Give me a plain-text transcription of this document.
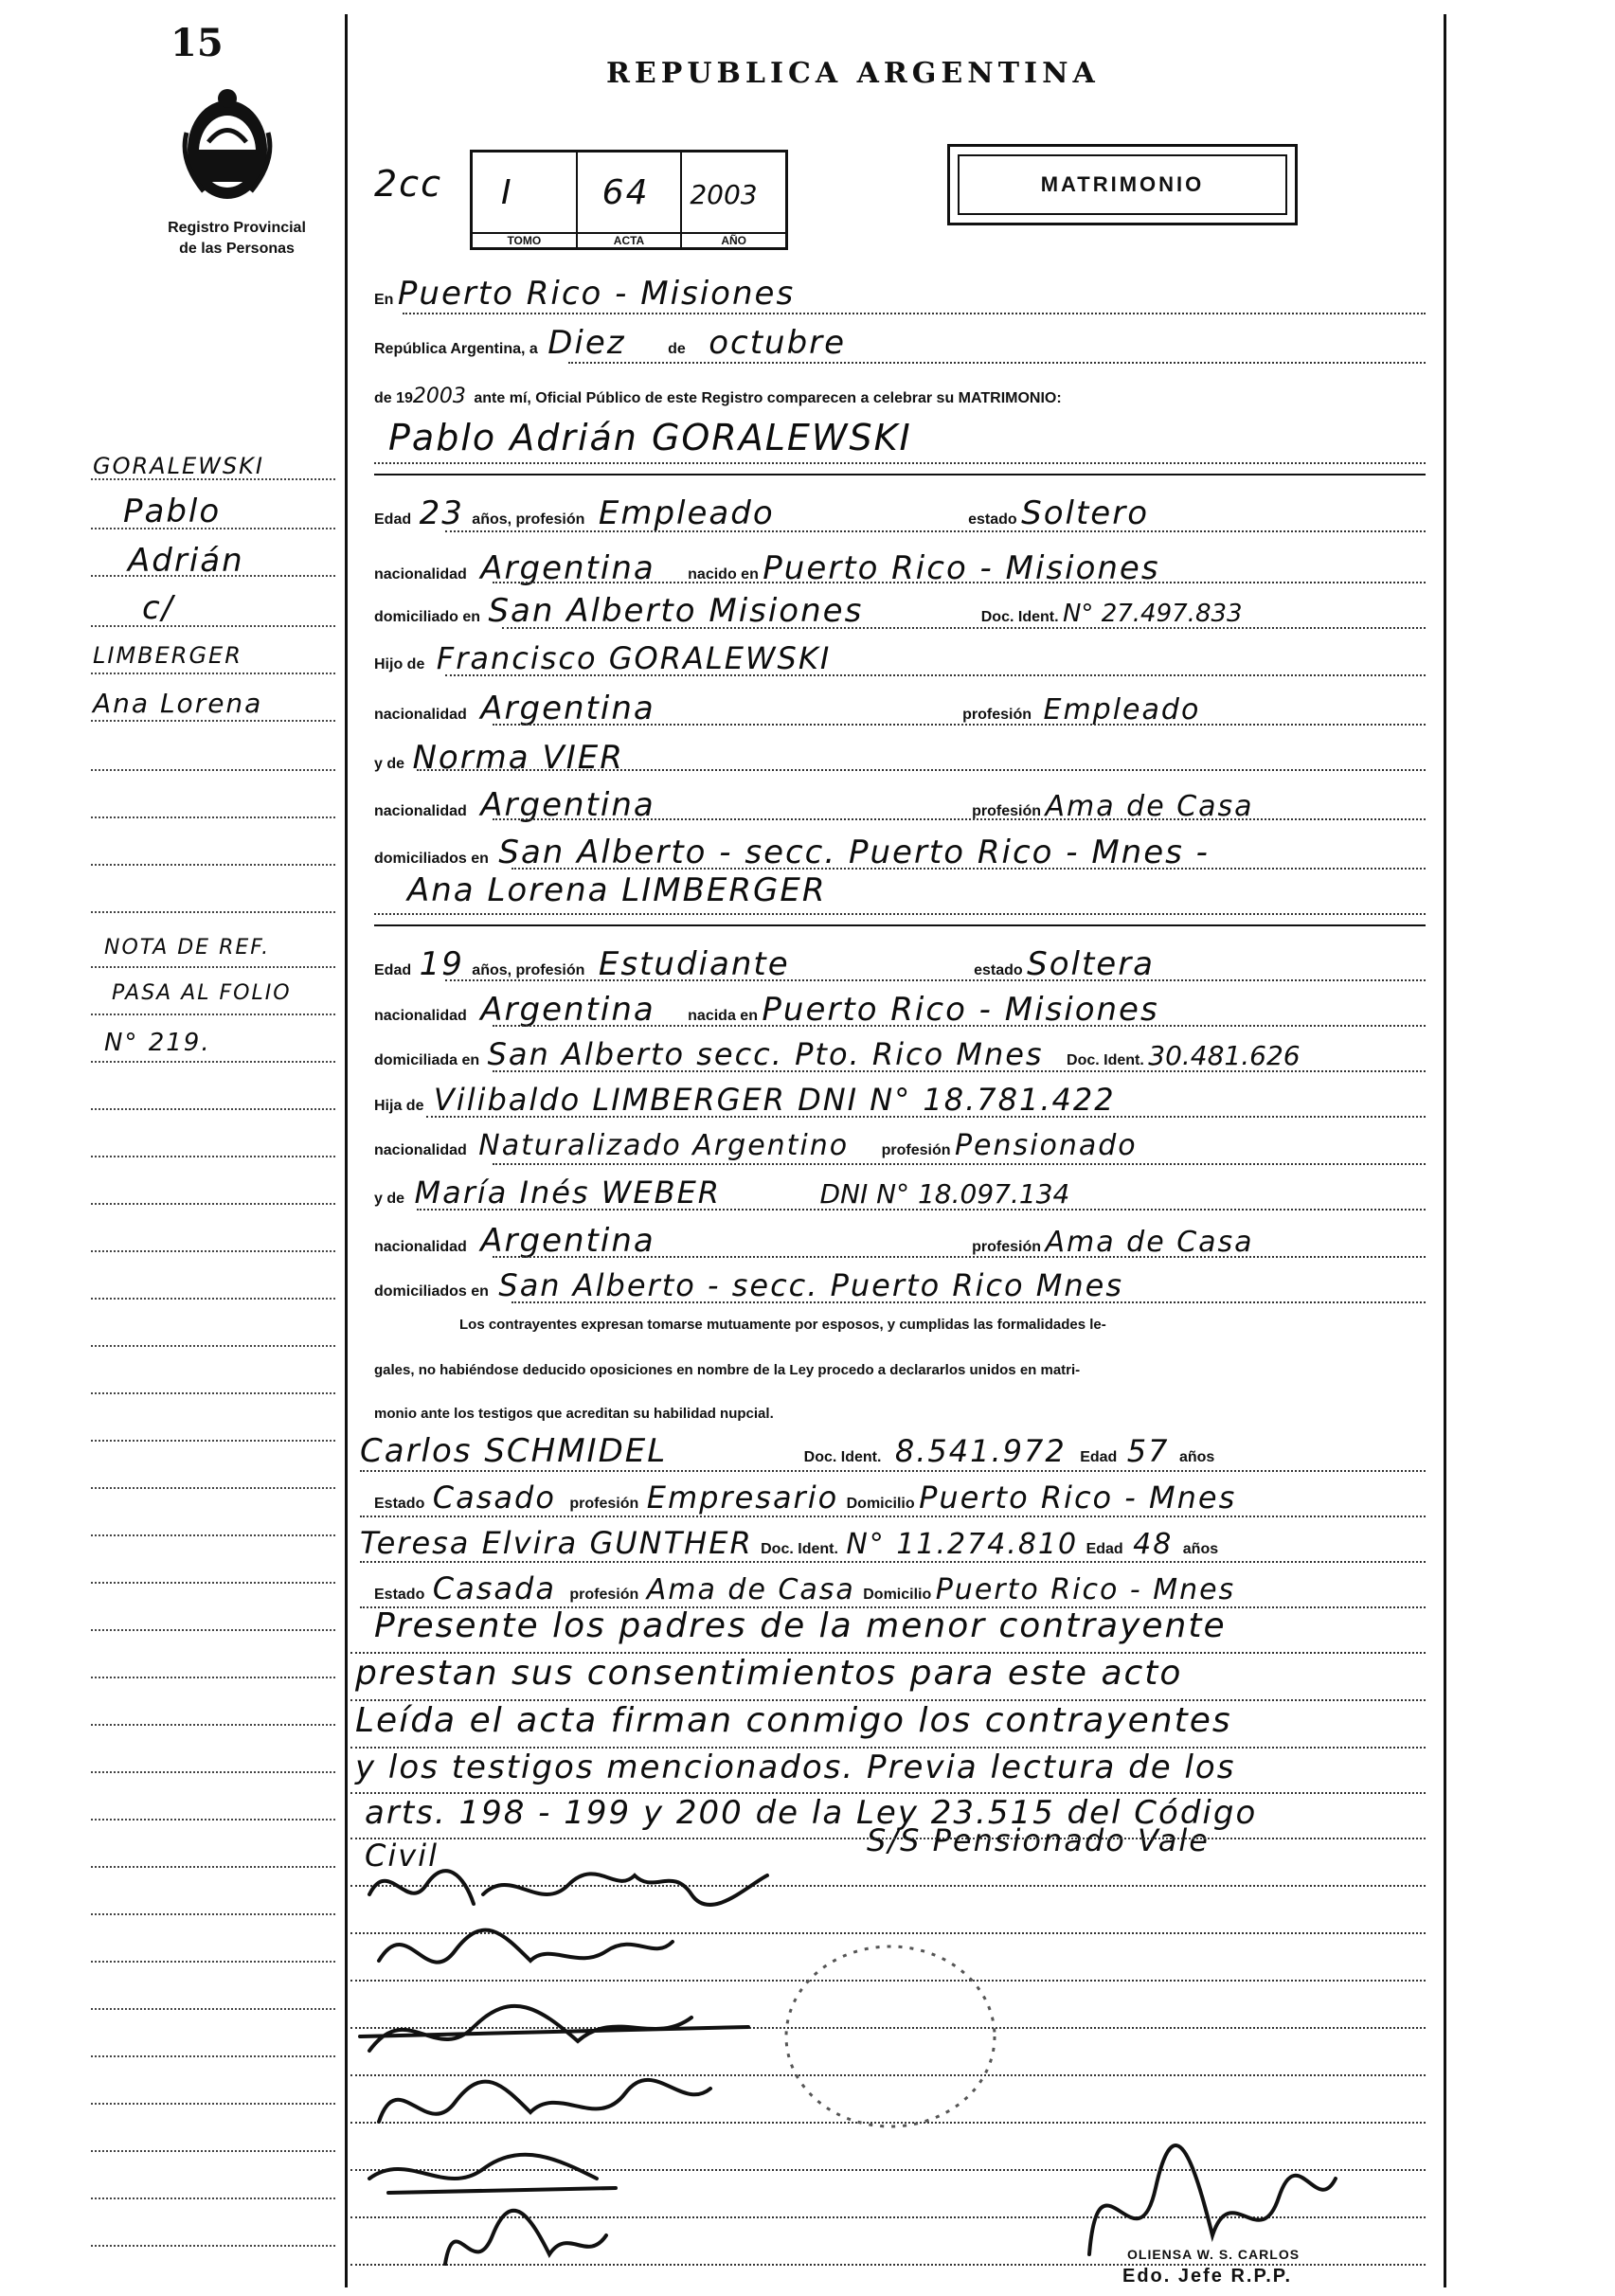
15
Registro Provincial
de las Personas
REPUBLICA ARGENTINA
2cc I
TOMO
64
ACTA
2003
AÑO
MATRIMONIO
En Puerto Rico - Misiones
República Argentina, a Diez	de octubre
de 192003 ante mí, Oficial Público de este Registro comparecen a celebrar su MATRIMONIO:
Pablo Adrián GORALEWSKI
Edad 23 años, profesión Empleado	estado Soltero
nacionalidad Argentina nacido en Puerto Rico - Misiones
domiciliado en San Alberto Misiones	Doc. Ident. N° 27.497.833
Hijo de Francisco GORALEWSKI
nacionalidad Argentina	profesión Empleado
y de Norma VIER
nacionalidad Argentina	profesión Ama de Casa
domiciliados en San Alberto - secc. Puerto Rico - Mnes -
Ana Lorena LIMBERGER
Edad 19 años, profesión Estudiante	estado Soltera
nacionalidad Argentina nacida en Puerto Rico - Misiones
domiciliada en San Alberto secc. Pto. Rico Mnes Doc. Ident. 30.481.626
Hija de Vilibaldo LIMBERGER DNI N° 18.781.422
nacionalidad Naturalizado Argentino profesión Pensionado
y de María Inés WEBER	DNI N° 18.097.134
nacionalidad Argentina	profesión Ama de Casa
domiciliados en San Alberto - secc. Puerto Rico Mnes
Los contrayentes expresan tomarse mutuamente por esposos, y cumplidas las formalidades le-
gales, no habiéndose deducido oposiciones en nombre de la Ley procedo a declararlos unidos en matri-
monio ante los testigos que acreditan su habilidad nupcial.
Carlos SCHMIDEL	Doc. Ident. 8.541.972 Edad 57 años
Estado Casado profesión Empresario Domicilio Puerto Rico - Mnes
Teresa Elvira GUNTHER Doc. Ident. N° 11.274.810 Edad 48 años
Estado Casada profesión Ama de Casa Domicilio Puerto Rico - Mnes
Presente los padres de la menor contrayente
prestan sus consentimientos para este acto
Leída el acta firman conmigo los contrayentes
y los testigos mencionados. Previa lectura de los
arts. 198 - 199 y 200 de la Ley 23.515 del Código
Civil	S/S Pensionado Vale
OLIENSA W. S. CARLOS
Edo. Jefe R.P.P.
GORALEWSKI
Pablo
Adrián
c/
LIMBERGER
Ana Lorena
NOTA DE REF.
PASA AL FOLIO
N° 219.
